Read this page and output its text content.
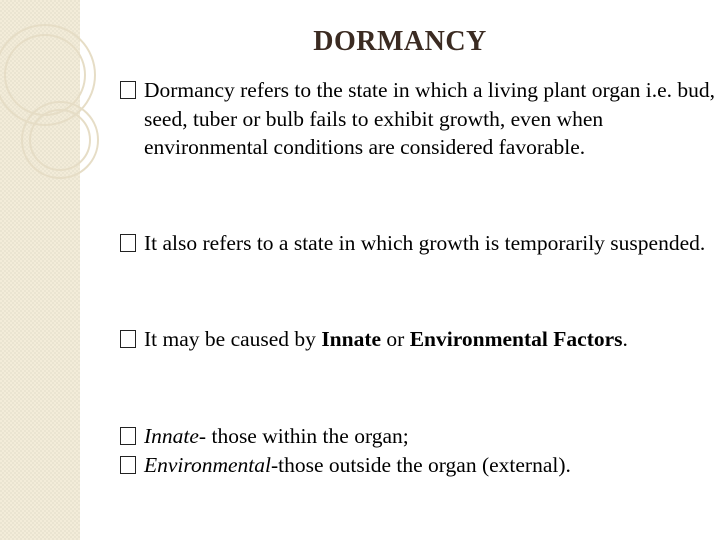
DORMANCY
Dormancy refers to the state in which a living plant organ i.e. bud, seed, tuber or bulb fails to exhibit growth, even when environmental conditions are considered favorable.
It also refers to a state in which growth is temporarily suspended.
It may be caused by Innate or Environmental Factors.
Innate- those within the organ;
Environmental-those outside the organ (external).
